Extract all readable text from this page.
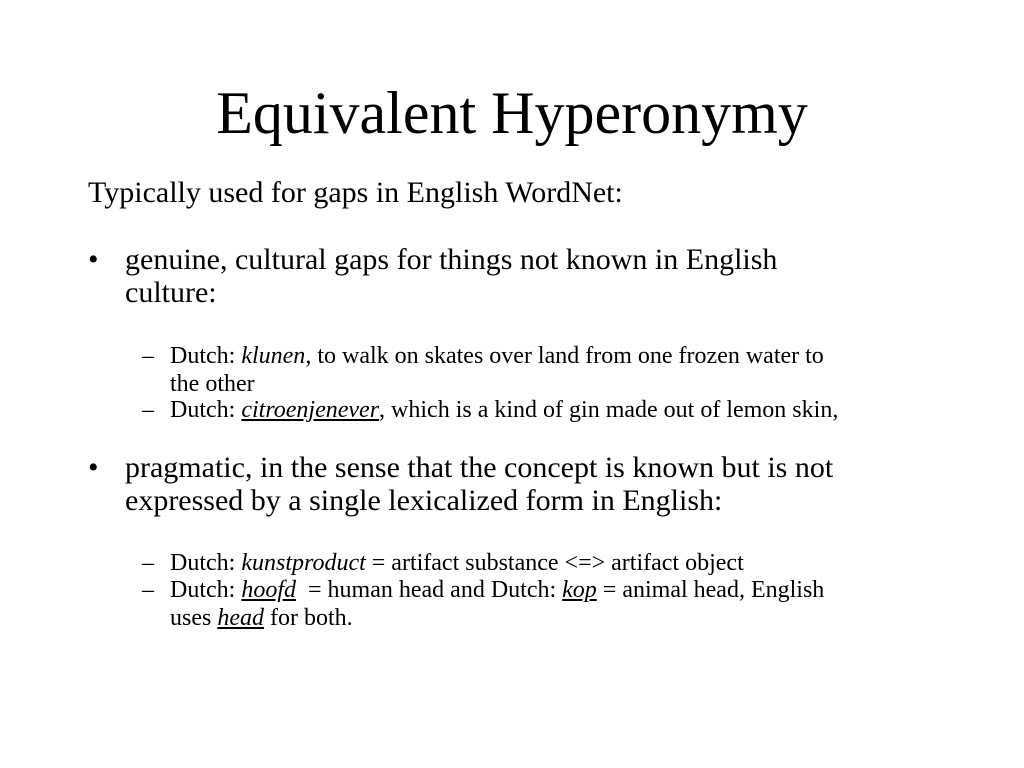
Equivalent Hyperonymy
Typically used for gaps in English WordNet:
• genuine, cultural gaps for things not known in English
culture:
– Dutch: klunen, to walk on skates over land from one frozen water to
the other
– Dutch: citroenjenever, which is a kind of gin made out of lemon skin,
• pragmatic, in the sense that the concept is known but is not
expressed by a single lexicalized form in English:
– Dutch: kunstproduct = artifact substance <=> artifact object
– Dutch: hoofd  = human head and Dutch: kop = animal head, English
uses head for both.
